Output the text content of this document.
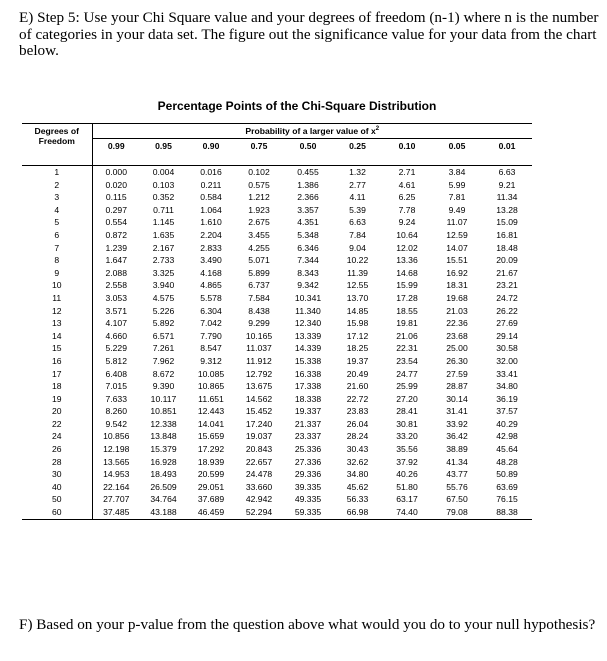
E) Step 5: Use your Chi Square value and your degrees of freedom (n-1) where n is the number of categories in your data set. The figure out the significance value for your data from the chart below.
Percentage Points of the Chi-Square Distribution
Degrees of
Freedom	Probability of a larger value of $x^2$
	0.99	0.95	0.90	0.75	0.50	0.25	0.10	0.05	0.01

1	0.000	0.004	0.016	0.102	0.455	1.32	2.71	3.84	6.63
2	0.020	0.103	0.211	0.575	1.386	2.77	4.61	5.99	9.21
3	0.115	0.352	0.584	1.212	2.366	4.11	6.25	7.81	11.34
4	0.297	0.711	1.064	1.923	3.357	5.39	7.78	9.49	13.28
5	0.554	1.145	1.610	2.675	4.351	6.63	9.24	11.07	15.09
6	0.872	1.635	2.204	3.455	5.348	7.84	10.64	12.59	16.81
7	1.239	2.167	2.833	4.255	6.346	9.04	12.02	14.07	18.48
8	1.647	2.733	3.490	5.071	7.344	10.22	13.36	15.51	20.09
9	2.088	3.325	4.168	5.899	8.343	11.39	14.68	16.92	21.67
10	2.558	3.940	4.865	6.737	9.342	12.55	15.99	18.31	23.21
11	3.053	4.575	5.578	7.584	10.341	13.70	17.28	19.68	24.72
12	3.571	5.226	6.304	8.438	11.340	14.85	18.55	21.03	26.22
13	4.107	5.892	7.042	9.299	12.340	15.98	19.81	22.36	27.69
14	4.660	6.571	7.790	10.165	13.339	17.12	21.06	23.68	29.14
15	5.229	7.261	8.547	11.037	14.339	18.25	22.31	25.00	30.58
16	5.812	7.962	9.312	11.912	15.338	19.37	23.54	26.30	32.00
17	6.408	8.672	10.085	12.792	16.338	20.49	24.77	27.59	33.41
18	7.015	9.390	10.865	13.675	17.338	21.60	25.99	28.87	34.80
19	7.633	10.117	11.651	14.562	18.338	22.72	27.20	30.14	36.19
20	8.260	10.851	12.443	15.452	19.337	23.83	28.41	31.41	37.57
22	9.542	12.338	14.041	17.240	21.337	26.04	30.81	33.92	40.29
24	10.856	13.848	15.659	19.037	23.337	28.24	33.20	36.42	42.98
26	12.198	15.379	17.292	20.843	25.336	30.43	35.56	38.89	45.64
28	13.565	16.928	18.939	22.657	27.336	32.62	37.92	41.34	48.28
30	14.953	18.493	20.599	24.478	29.336	34.80	40.26	43.77	50.89
40	22.164	26.509	29.051	33.660	39.335	45.62	51.80	55.76	63.69
50	27.707	34.764	37.689	42.942	49.335	56.33	63.17	67.50	76.15
60	37.485	43.188	46.459	52.294	59.335	66.98	74.40	79.08	88.38
F) Based on your p-value from the question above what would you do to your null hypothesis?
